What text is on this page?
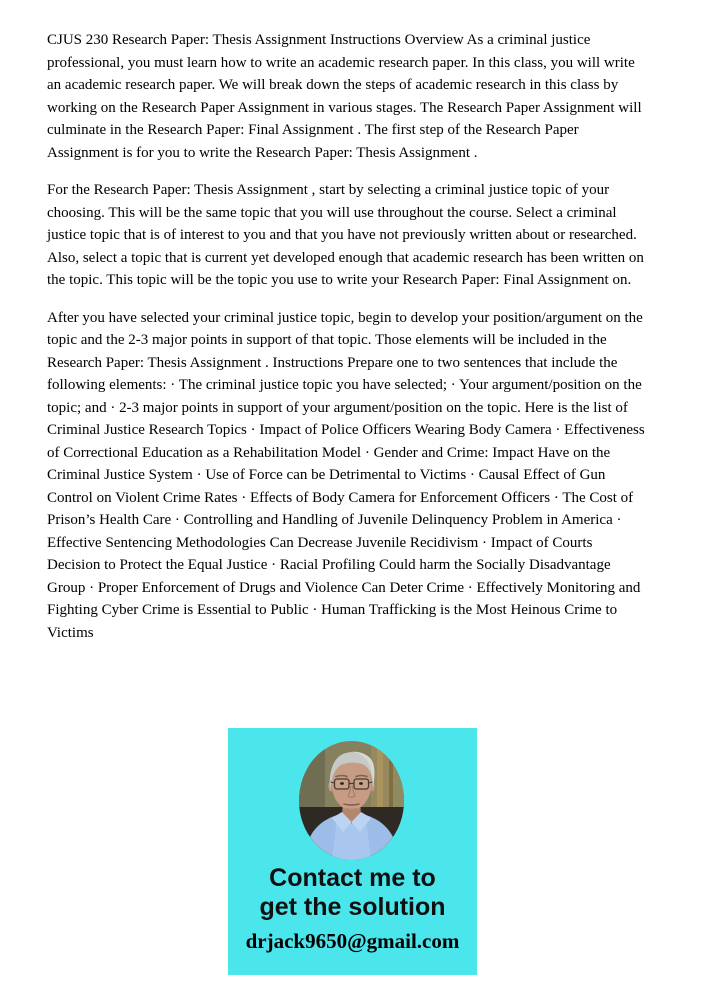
CJUS 230 Research Paper: Thesis Assignment Instructions Overview As a criminal justice professional, you must learn how to write an academic research paper. In this class, you will write an academic research paper. We will break down the steps of academic research in this class by working on the Research Paper Assignment in various stages. The Research Paper Assignment will culminate in the Research Paper: Final Assignment . The first step of the Research Paper Assignment is for you to write the Research Paper: Thesis Assignment .

For the Research Paper: Thesis Assignment , start by selecting a criminal justice topic of your choosing. This will be the same topic that you will use throughout the course. Select a criminal justice topic that is of interest to you and that you have not previously written about or researched. Also, select a topic that is current yet developed enough that academic research has been written on the topic. This topic will be the topic you use to write your Research Paper: Final Assignment on.

After you have selected your criminal justice topic, begin to develop your position/argument on the topic and the 2-3 major points in support of that topic. Those elements will be included in the Research Paper: Thesis Assignment . Instructions Prepare one to two sentences that include the following elements: · The criminal justice topic you have selected; · Your argument/position on the topic; and · 2-3 major points in support of your argument/position on the topic. Here is the list of Criminal Justice Research Topics · Impact of Police Officers Wearing Body Camera · Effectiveness of Correctional Education as a Rehabilitation Model · Gender and Crime: Impact Have on the Criminal Justice System · Use of Force can be Detrimental to Victims · Causal Effect of Gun Control on Violent Crime Rates · Effects of Body Camera for Enforcement Officers · The Cost of Prison’s Health Care · Controlling and Handling of Juvenile Delinquency Problem in America · Effective Sentencing Methodologies Can Decrease Juvenile Recidivism · Impact of Courts Decision to Protect the Equal Justice · Racial Profiling Could harm the Socially Disadvantage Group · Proper Enforcement of Drugs and Violence Can Deter Crime · Effectively Monitoring and Fighting Cyber Crime is Essential to Public · Human Trafficking is the Most Heinous Crime to Victims

Contact me to
get the solution
drjack9650@gmail.com
